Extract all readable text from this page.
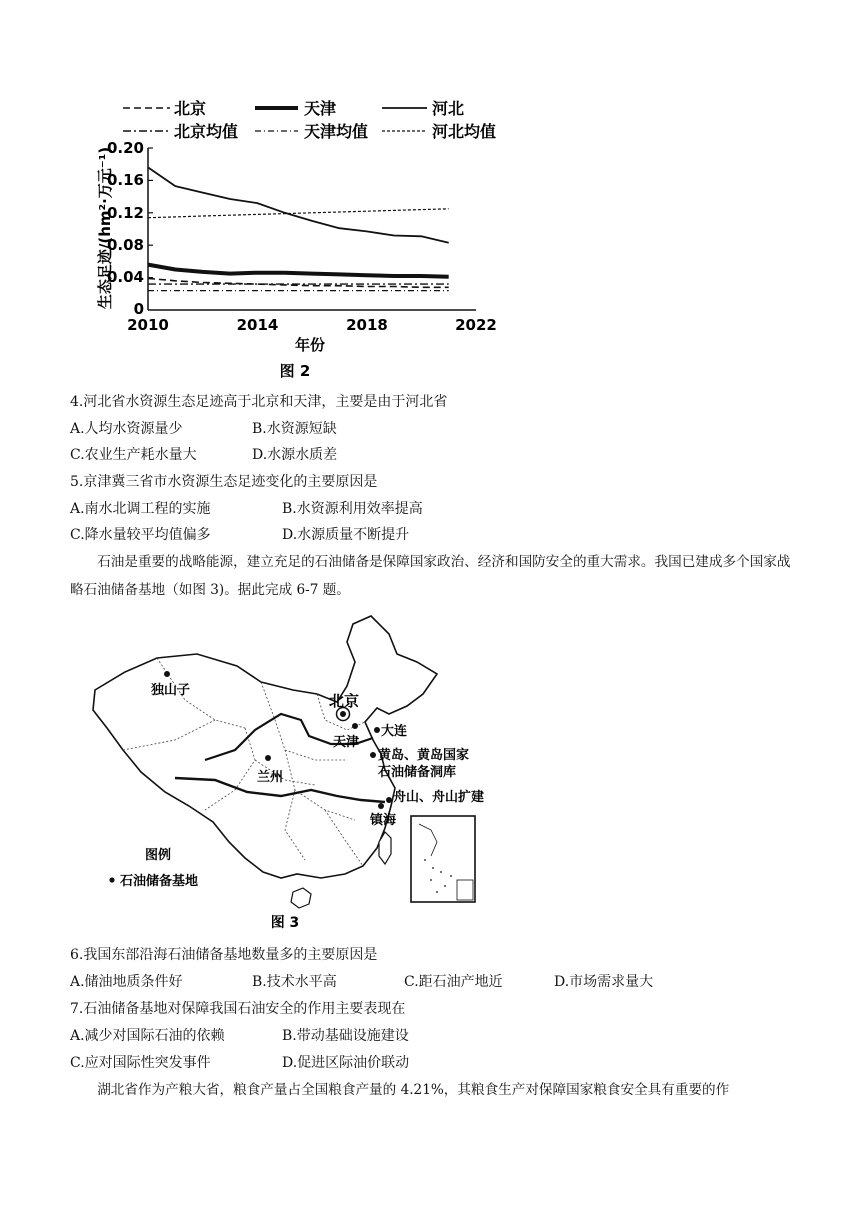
北京	天津	河北
北京均值	天津均值	河北均值
生态足迹/(hm²·万元⁻¹)
0.20
0.16
0.12
0.08
0.04
0
2010	2014	2018	2022
年份
图 2
4.河北省水资源生态足迹高于北京和天津，主要是由于河北省
A.人均水资源量少	B.水资源短缺
C.农业生产耗水量大	D.水源水质差
5.京津冀三省市水资源生态足迹变化的主要原因是
A.南水北调工程的实施	B.水资源利用效率提高
C.降水量较平均值偏多	D.水源质量不断提升
石油是重要的战略能源，建立充足的石油储备是保障国家政治、经济和国防安全的重大需求。我国已建成多个国家战略石油储备基地（如图 3)。据此完成 6-7 题。
独山子
北京
天津
大连
兰州
黄岛、黄岛国家
石油储备洞库
舟山、舟山扩建
镇海
图例
石油储备基地
图 3
6.我国东部沿海石油储备基地数量多的主要原因是
A.储油地质条件好	B.技术水平高	C.距石油产地近	D.市场需求量大
7.石油储备基地对保障我国石油安全的作用主要表现在
A.减少对国际石油的依赖	B.带动基础设施建设
C.应对国际性突发事件	D.促进区际油价联动
湖北省作为产粮大省，粮食产量占全国粮食产量的 4.21%，其粮食生产对保障国家粮食安全具有重要的作
